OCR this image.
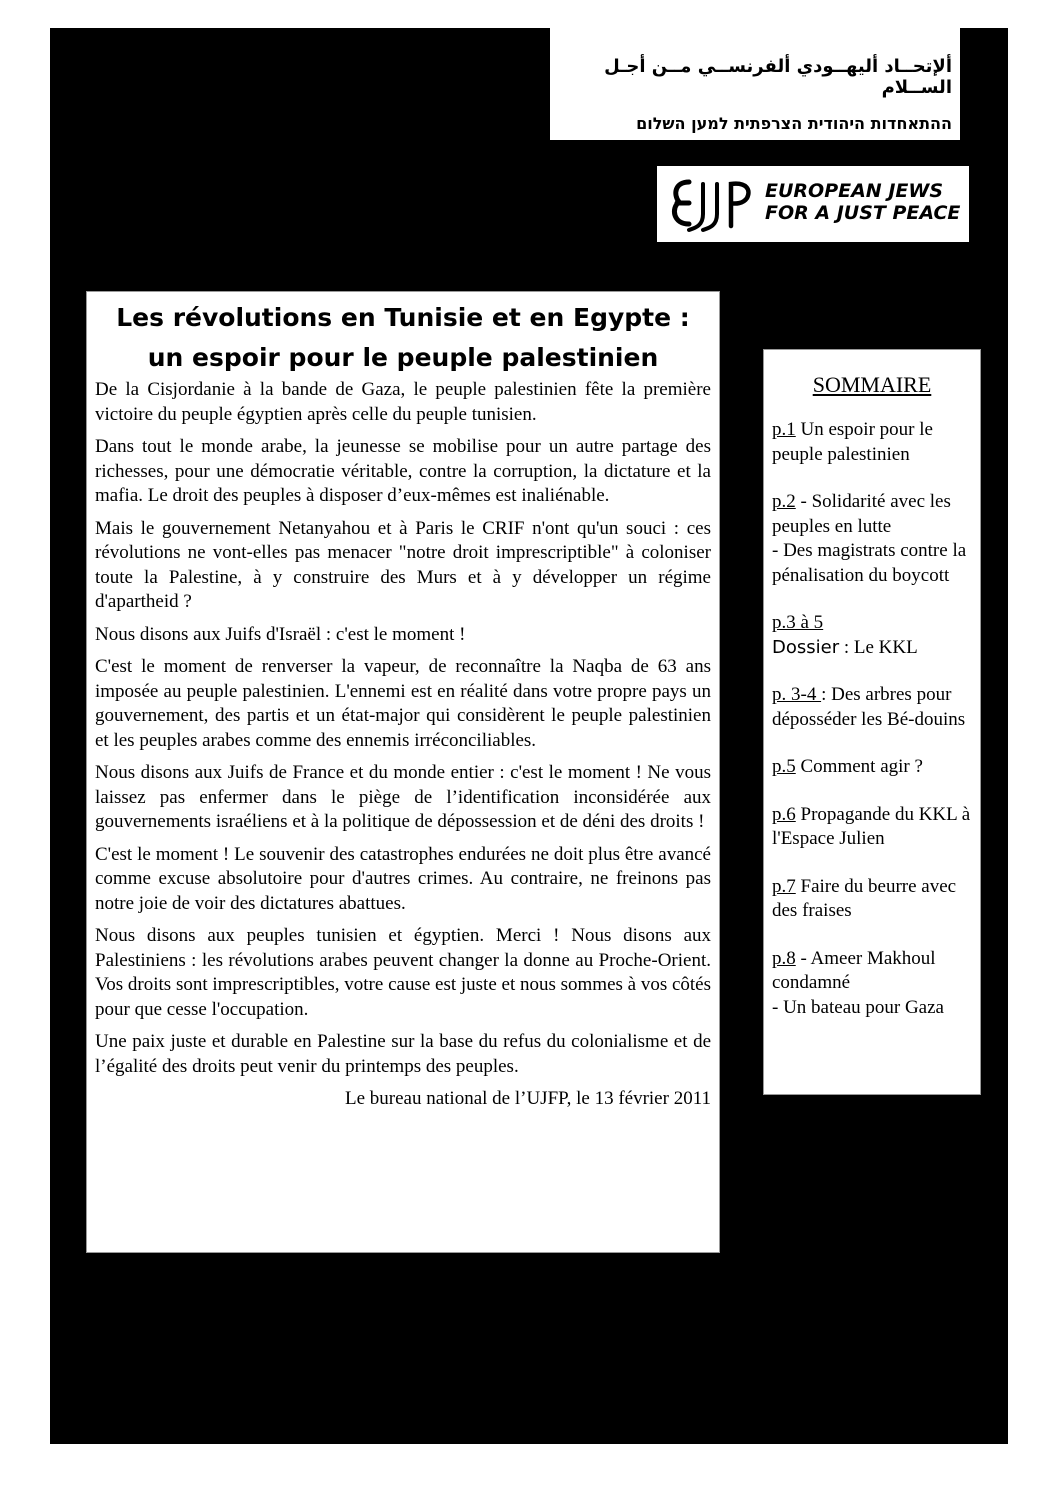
ألإتحــاد أليهــودي ألفرنســي مــن أجـل الســلام
ההתאחדות היהודית הצרפתית למען השלום
EUROPEAN JEWS
FOR A JUST PEACE
Les révolutions en Tunisie et en Egypte :
un espoir pour le peuple palestinien

De la Cisjordanie à la bande de Gaza, le peuple palestinien fête la première victoire du peuple égyptien après celle du peuple tunisien.

Dans tout le monde arabe, la jeunesse se mobilise pour un autre partage des richesses, pour une démocratie véritable, contre la corruption, la dictature et la mafia. Le droit des peuples à disposer d’eux-mêmes est inaliénable.

Mais le gouvernement Netanyahou et à Paris le CRIF n'ont qu'un souci : ces révolutions ne vont-elles pas menacer "notre droit imprescriptible" à coloniser toute la Palestine, à y construire des Murs et à y développer un régime d'apartheid ?

Nous disons aux Juifs d'Israël : c'est le moment !

C'est le moment de renverser la vapeur, de reconnaître la Naqba de 63 ans imposée au peuple palestinien. L'ennemi est en réalité dans votre propre pays un gouvernement, des partis et un état-major qui considèrent le peuple palestinien et les peuples arabes comme des ennemis irréconciliables.

Nous disons aux Juifs de France et du monde entier : c'est le moment ! Ne vous laissez pas enfermer dans le piège de l’identification inconsidérée aux gouvernements israéliens et à la politique de dépossession et de déni des droits !

C'est le moment ! Le souvenir des catastrophes endurées ne doit plus être avancé comme excuse absolutoire pour d'autres crimes. Au contraire, ne freinons pas notre joie de voir des dictatures abattues.

Nous disons aux peuples tunisien et égyptien. Merci ! Nous disons aux Palestiniens : les révolutions arabes peuvent changer la donne au Proche-Orient. Vos droits sont imprescriptibles, votre cause est juste et nous sommes à vos côtés pour que cesse l'occupation.

Une paix juste et durable en Palestine sur la base du refus du colonialisme et de l’égalité des droits peut venir du printemps des peuples.

Le bureau national de l’UJFP, le 13 février 2011

SOMMAIRE
p.1 Un espoir pour le peuple palestinien
p.2 - Solidarité avec les peuples en lutte
- Des magistrats contre la pénalisation du boycott
p.3 à 5
Dossier : Le KKL
p. 3-4 : Des arbres pour déposséder les Bé-douins
p.5 Comment agir ?
p.6 Propagande du KKL à l'Espace Julien
p.7 Faire du beurre avec des fraises
p.8 - Ameer Makhoul condamné
- Un bateau pour Gaza
